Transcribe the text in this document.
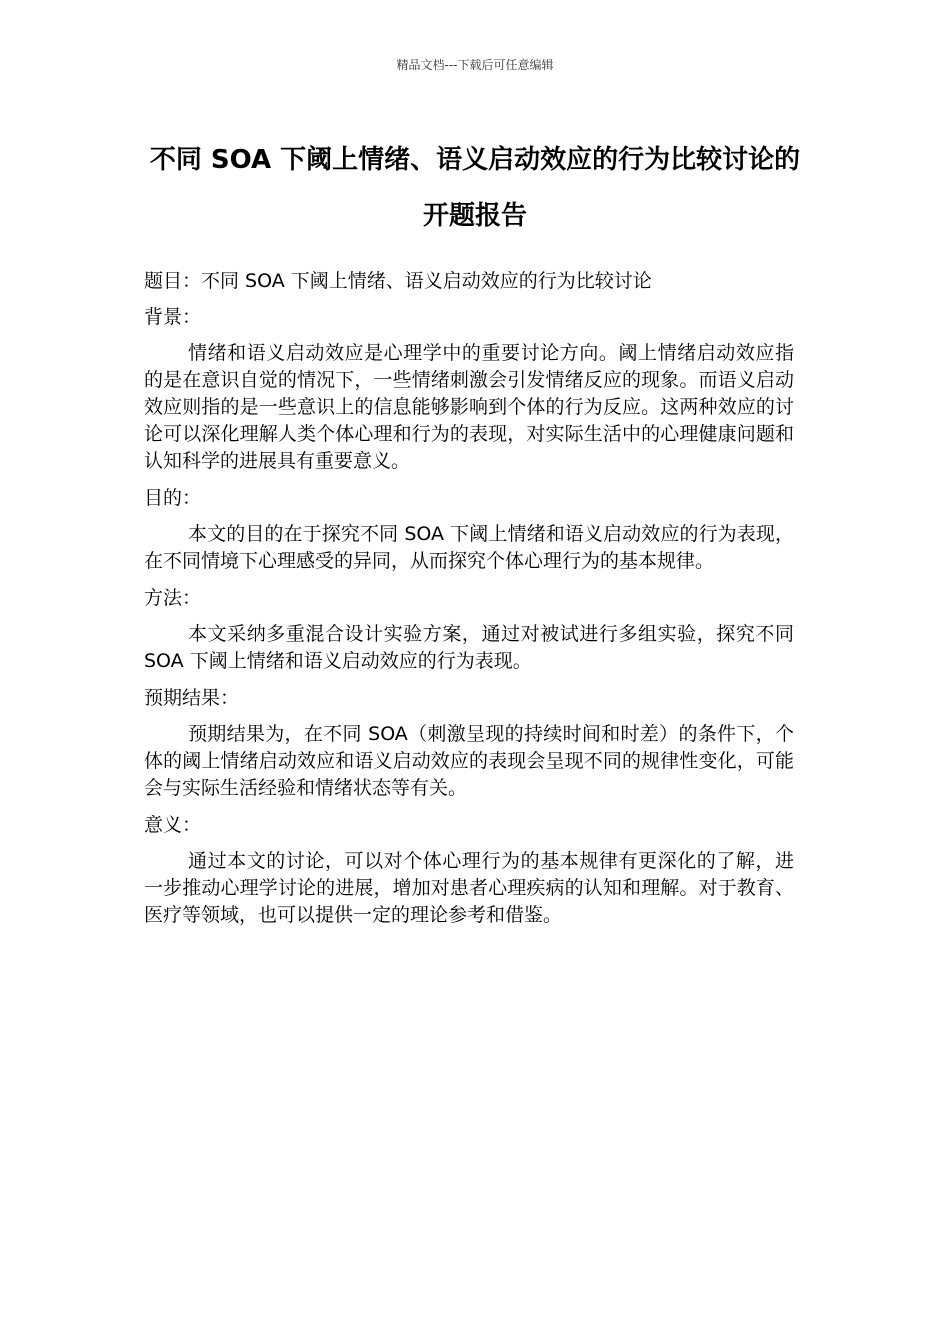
精品文档---下载后可任意编辑
不同 SOA 下阈上情绪、语义启动效应的行为比较讨论的开题报告

题目：不同 SOA 下阈上情绪、语义启动效应的行为比较讨论

背景：

情绪和语义启动效应是心理学中的重要讨论方向。阈上情绪启动效应指的是在意识自觉的情况下，一些情绪刺激会引发情绪反应的现象。而语义启动效应则指的是一些意识上的信息能够影响到个体的行为反应。这两种效应的讨论可以深化理解人类个体心理和行为的表现，对实际生活中的心理健康问题和认知科学的进展具有重要意义。

目的：

本文的目的在于探究不同 SOA 下阈上情绪和语义启动效应的行为表现，在不同情境下心理感受的异同，从而探究个体心理行为的基本规律。

方法：

本文采纳多重混合设计实验方案，通过对被试进行多组实验，探究不同 SOA 下阈上情绪和语义启动效应的行为表现。

预期结果：

预期结果为，在不同 SOA（刺激呈现的持续时间和时差）的条件下，个体的阈上情绪启动效应和语义启动效应的表现会呈现不同的规律性变化，可能会与实际生活经验和情绪状态等有关。

意义：

通过本文的讨论，可以对个体心理行为的基本规律有更深化的了解，进一步推动心理学讨论的进展，增加对患者心理疾病的认知和理解。对于教育、医疗等领域，也可以提供一定的理论参考和借鉴。
